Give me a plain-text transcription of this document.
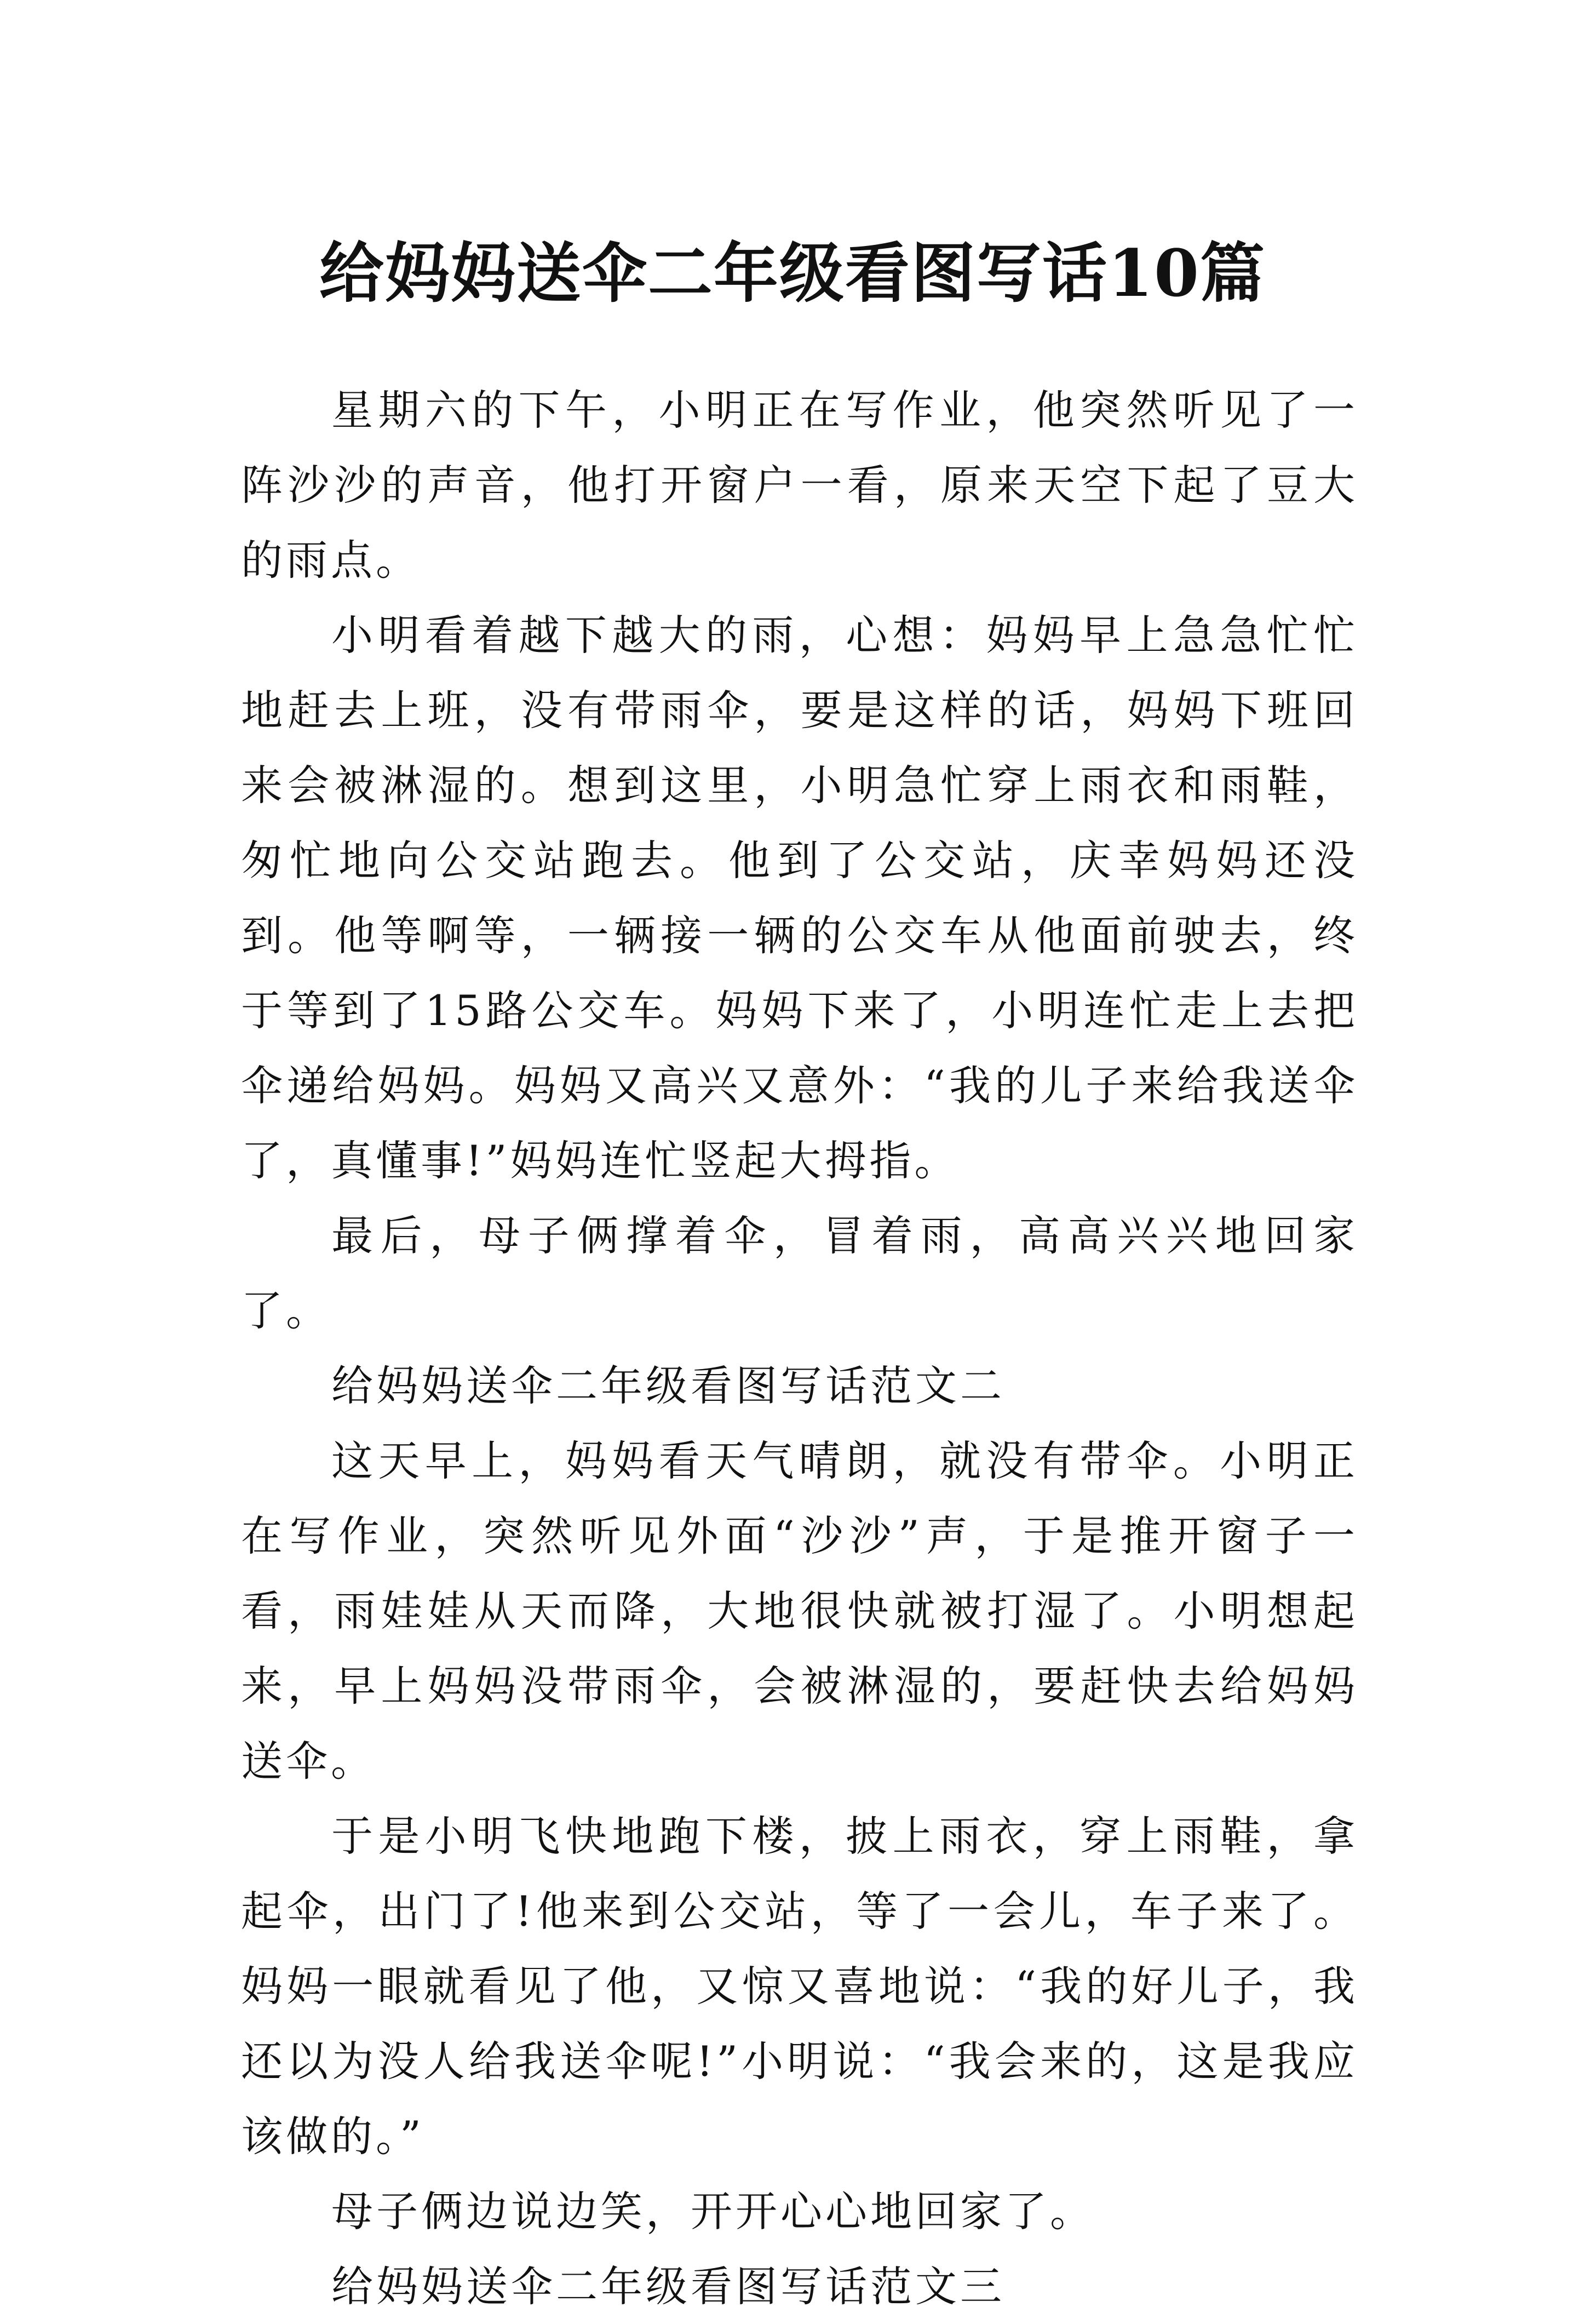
给妈妈送伞二年级看图写话10篇

星期六的下午，小明正在写作业，他突然听见了一阵沙沙的声音，他打开窗户一看，原来天空下起了豆大的雨点。

小明看着越下越大的雨，心想：妈妈早上急急忙忙地赶去上班，没有带雨伞，要是这样的话，妈妈下班回来会被淋湿的。想到这里，小明急忙穿上雨衣和雨鞋，匆忙地向公交站跑去。他到了公交站，庆幸妈妈还没到。他等啊等，一辆接一辆的公交车从他面前驶去，终于等到了15路公交车。妈妈下来了，小明连忙走上去把伞递给妈妈。妈妈又高兴又意外：“我的儿子来给我送伞了，真懂事!”妈妈连忙竖起大拇指。

最后，母子俩撑着伞，冒着雨，高高兴兴地回家了。

给妈妈送伞二年级看图写话范文二

这天早上，妈妈看天气晴朗，就没有带伞。小明正在写作业，突然听见外面“沙沙”声，于是推开窗子一看，雨娃娃从天而降，大地很快就被打湿了。小明想起来，早上妈妈没带雨伞，会被淋湿的，要赶快去给妈妈送伞。

于是小明飞快地跑下楼，披上雨衣，穿上雨鞋，拿起伞，出门了!他来到公交站，等了一会儿，车子来了。妈妈一眼就看见了他，又惊又喜地说：“我的好儿子，我还以为没人给我送伞呢!”小明说：“我会来的，这是我应该做的。”

母子俩边说边笑，开开心心地回家了。

给妈妈送伞二年级看图写话范文三
